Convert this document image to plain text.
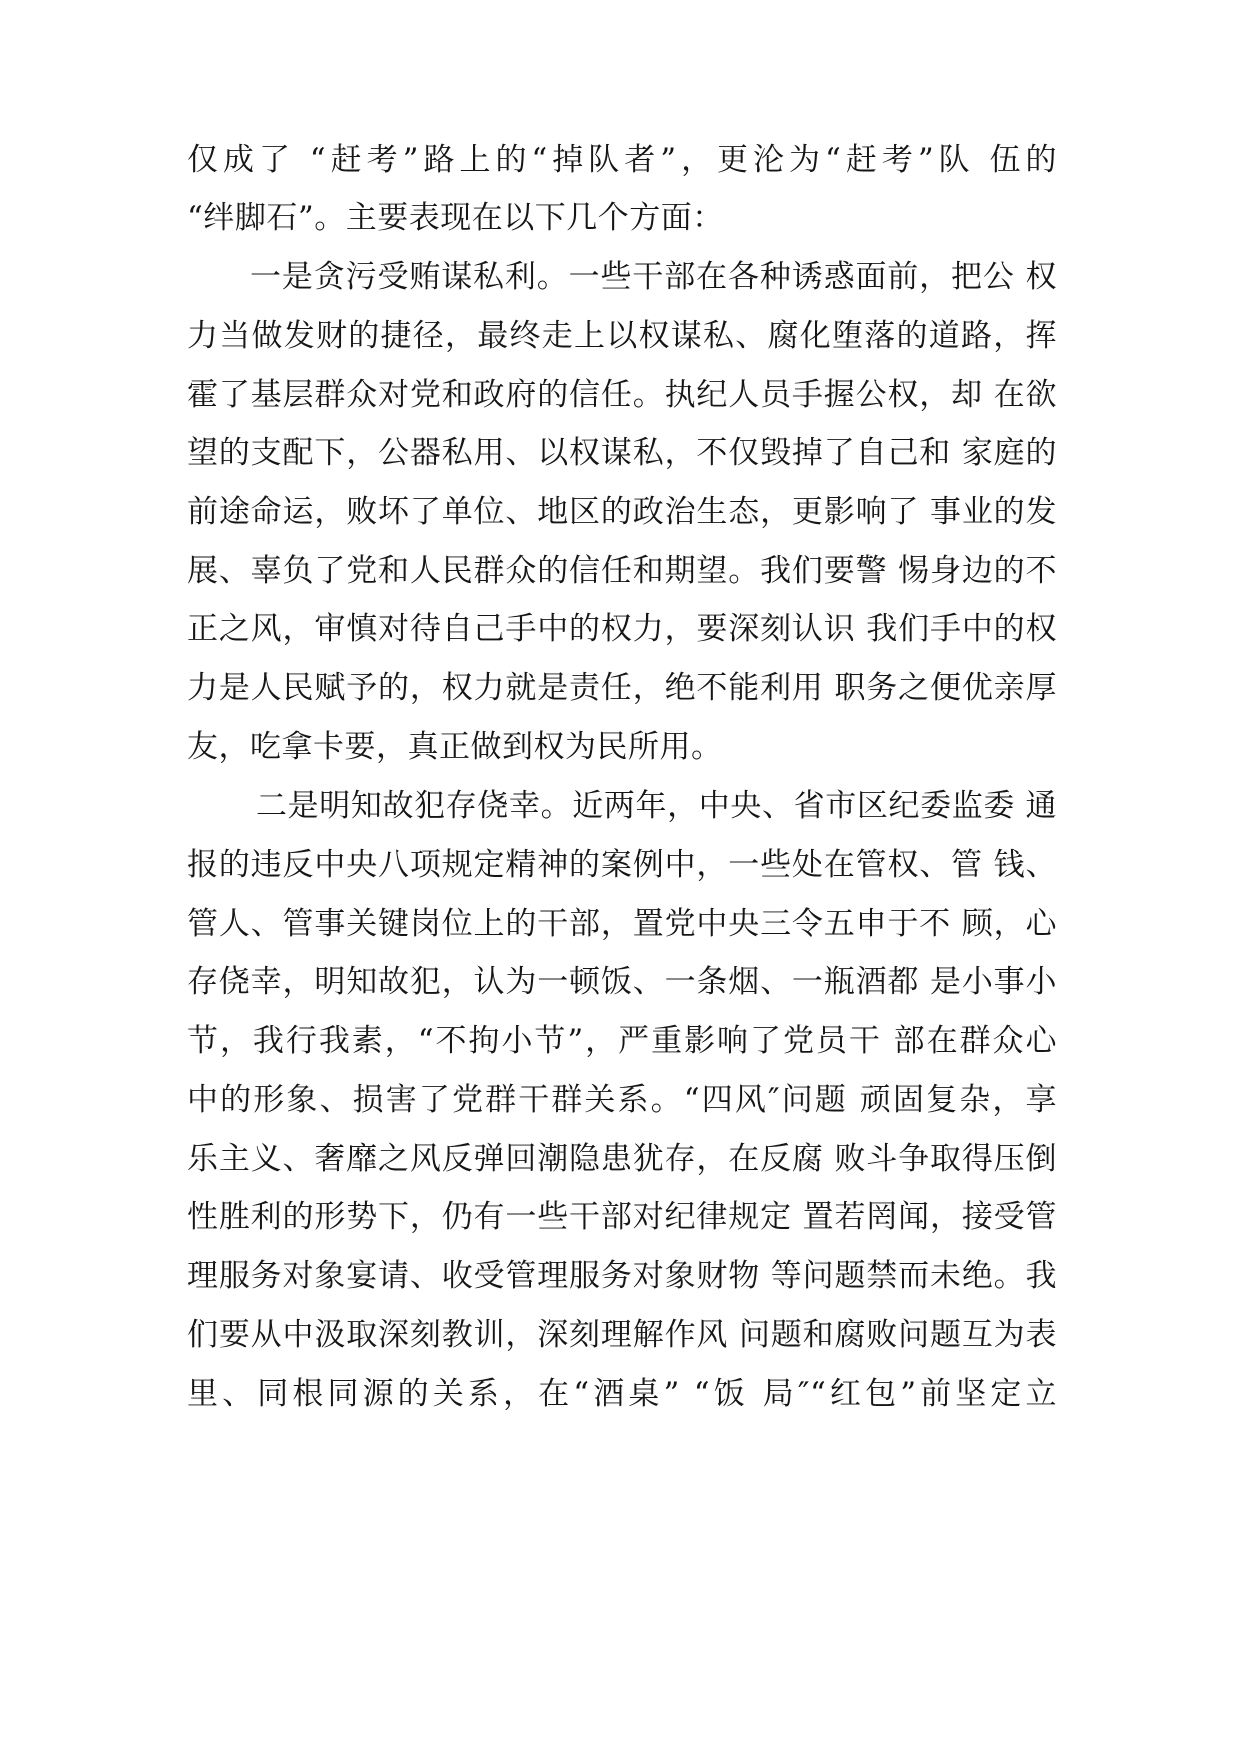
仅成了 “赶考”路上的“掉队者”，更沦为“赶考”队 伍的
“绊脚石”。主要表现在以下几个方面：
一是贪污受贿谋私利。一些干部在各种诱惑面前，把公 权
力当做发财的捷径，最终走上以权谋私、腐化堕落的道路，挥
霍了基层群众对党和政府的信任。执纪人员手握公权，却 在欲
望的支配下，公器私用、以权谋私，不仅毁掉了自己和 家庭的
前途命运，败坏了单位、地区的政治生态，更影响了 事业的发
展、辜负了党和人民群众的信任和期望。我们要警 惕身边的不
正之风，审慎对待自己手中的权力，要深刻认识 我们手中的权
力是人民赋予的，权力就是责任，绝不能利用 职务之便优亲厚
友，吃拿卡要，真正做到权为民所用。
二是明知故犯存侥幸。近两年，中央、省市区纪委监委 通
报的违反中央八项规定精神的案例中，一些处在管权、管 钱、
管人、管事关键岗位上的干部，置党中央三令五申于不 顾，心
存侥幸，明知故犯，认为一顿饭、一条烟、一瓶酒都 是小事小
节，我行我素，“不拘小节”，严重影响了党员干 部在群众心
中的形象、损害了党群干群关系。“四风″问题 顽固复杂，享
乐主义、奢靡之风反弹回潮隐患犹存，在反腐 败斗争取得压倒
性胜利的形势下，仍有一些干部对纪律规定 置若罔闻，接受管
理服务对象宴请、收受管理服务对象财物 等问题禁而未绝。我
们要从中汲取深刻教训，深刻理解作风 问题和腐败问题互为表
里、同根同源的关系，在“酒桌” “饭 局″“红包”前坚定立
